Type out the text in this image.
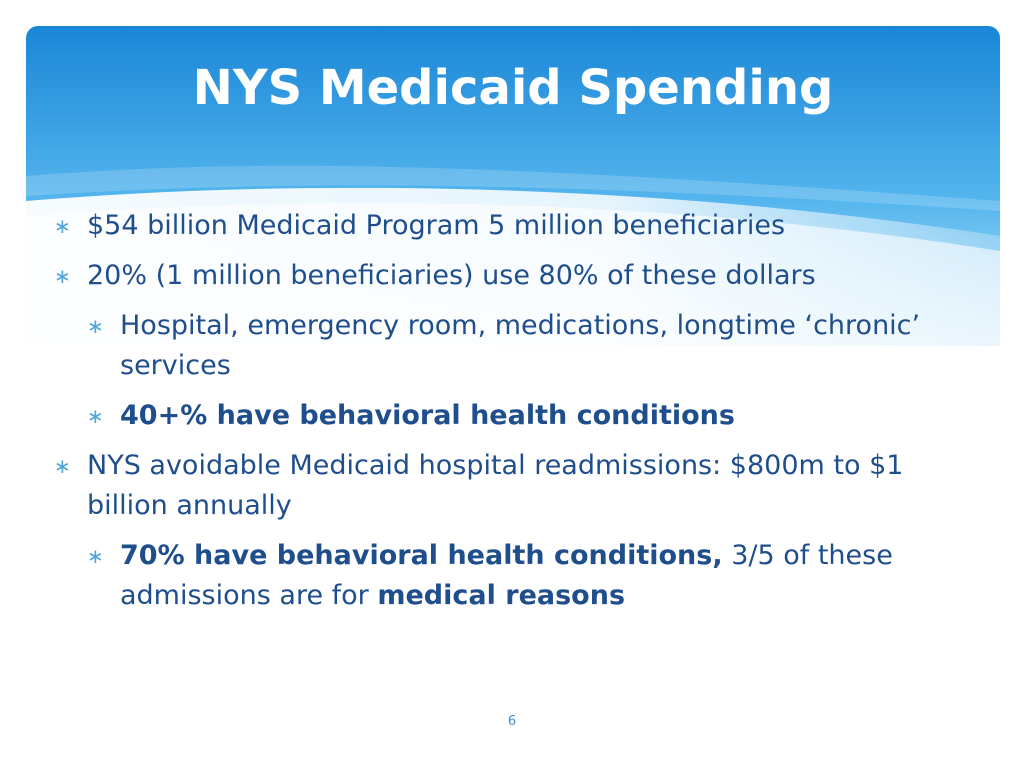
NYS Medicaid Spending
∗ $54 billion Medicaid Program 5 million beneficiaries
∗ 20% (1 million beneficiaries) use 80% of these dollars
∗ Hospital, emergency room, medications, longtime ‘chronic’ services
∗ 40+% have behavioral health conditions
∗ NYS avoidable Medicaid hospital readmissions: $800m to $1 billion annually
∗ 70% have behavioral health conditions, 3/5 of these admissions are for medical reasons
6
